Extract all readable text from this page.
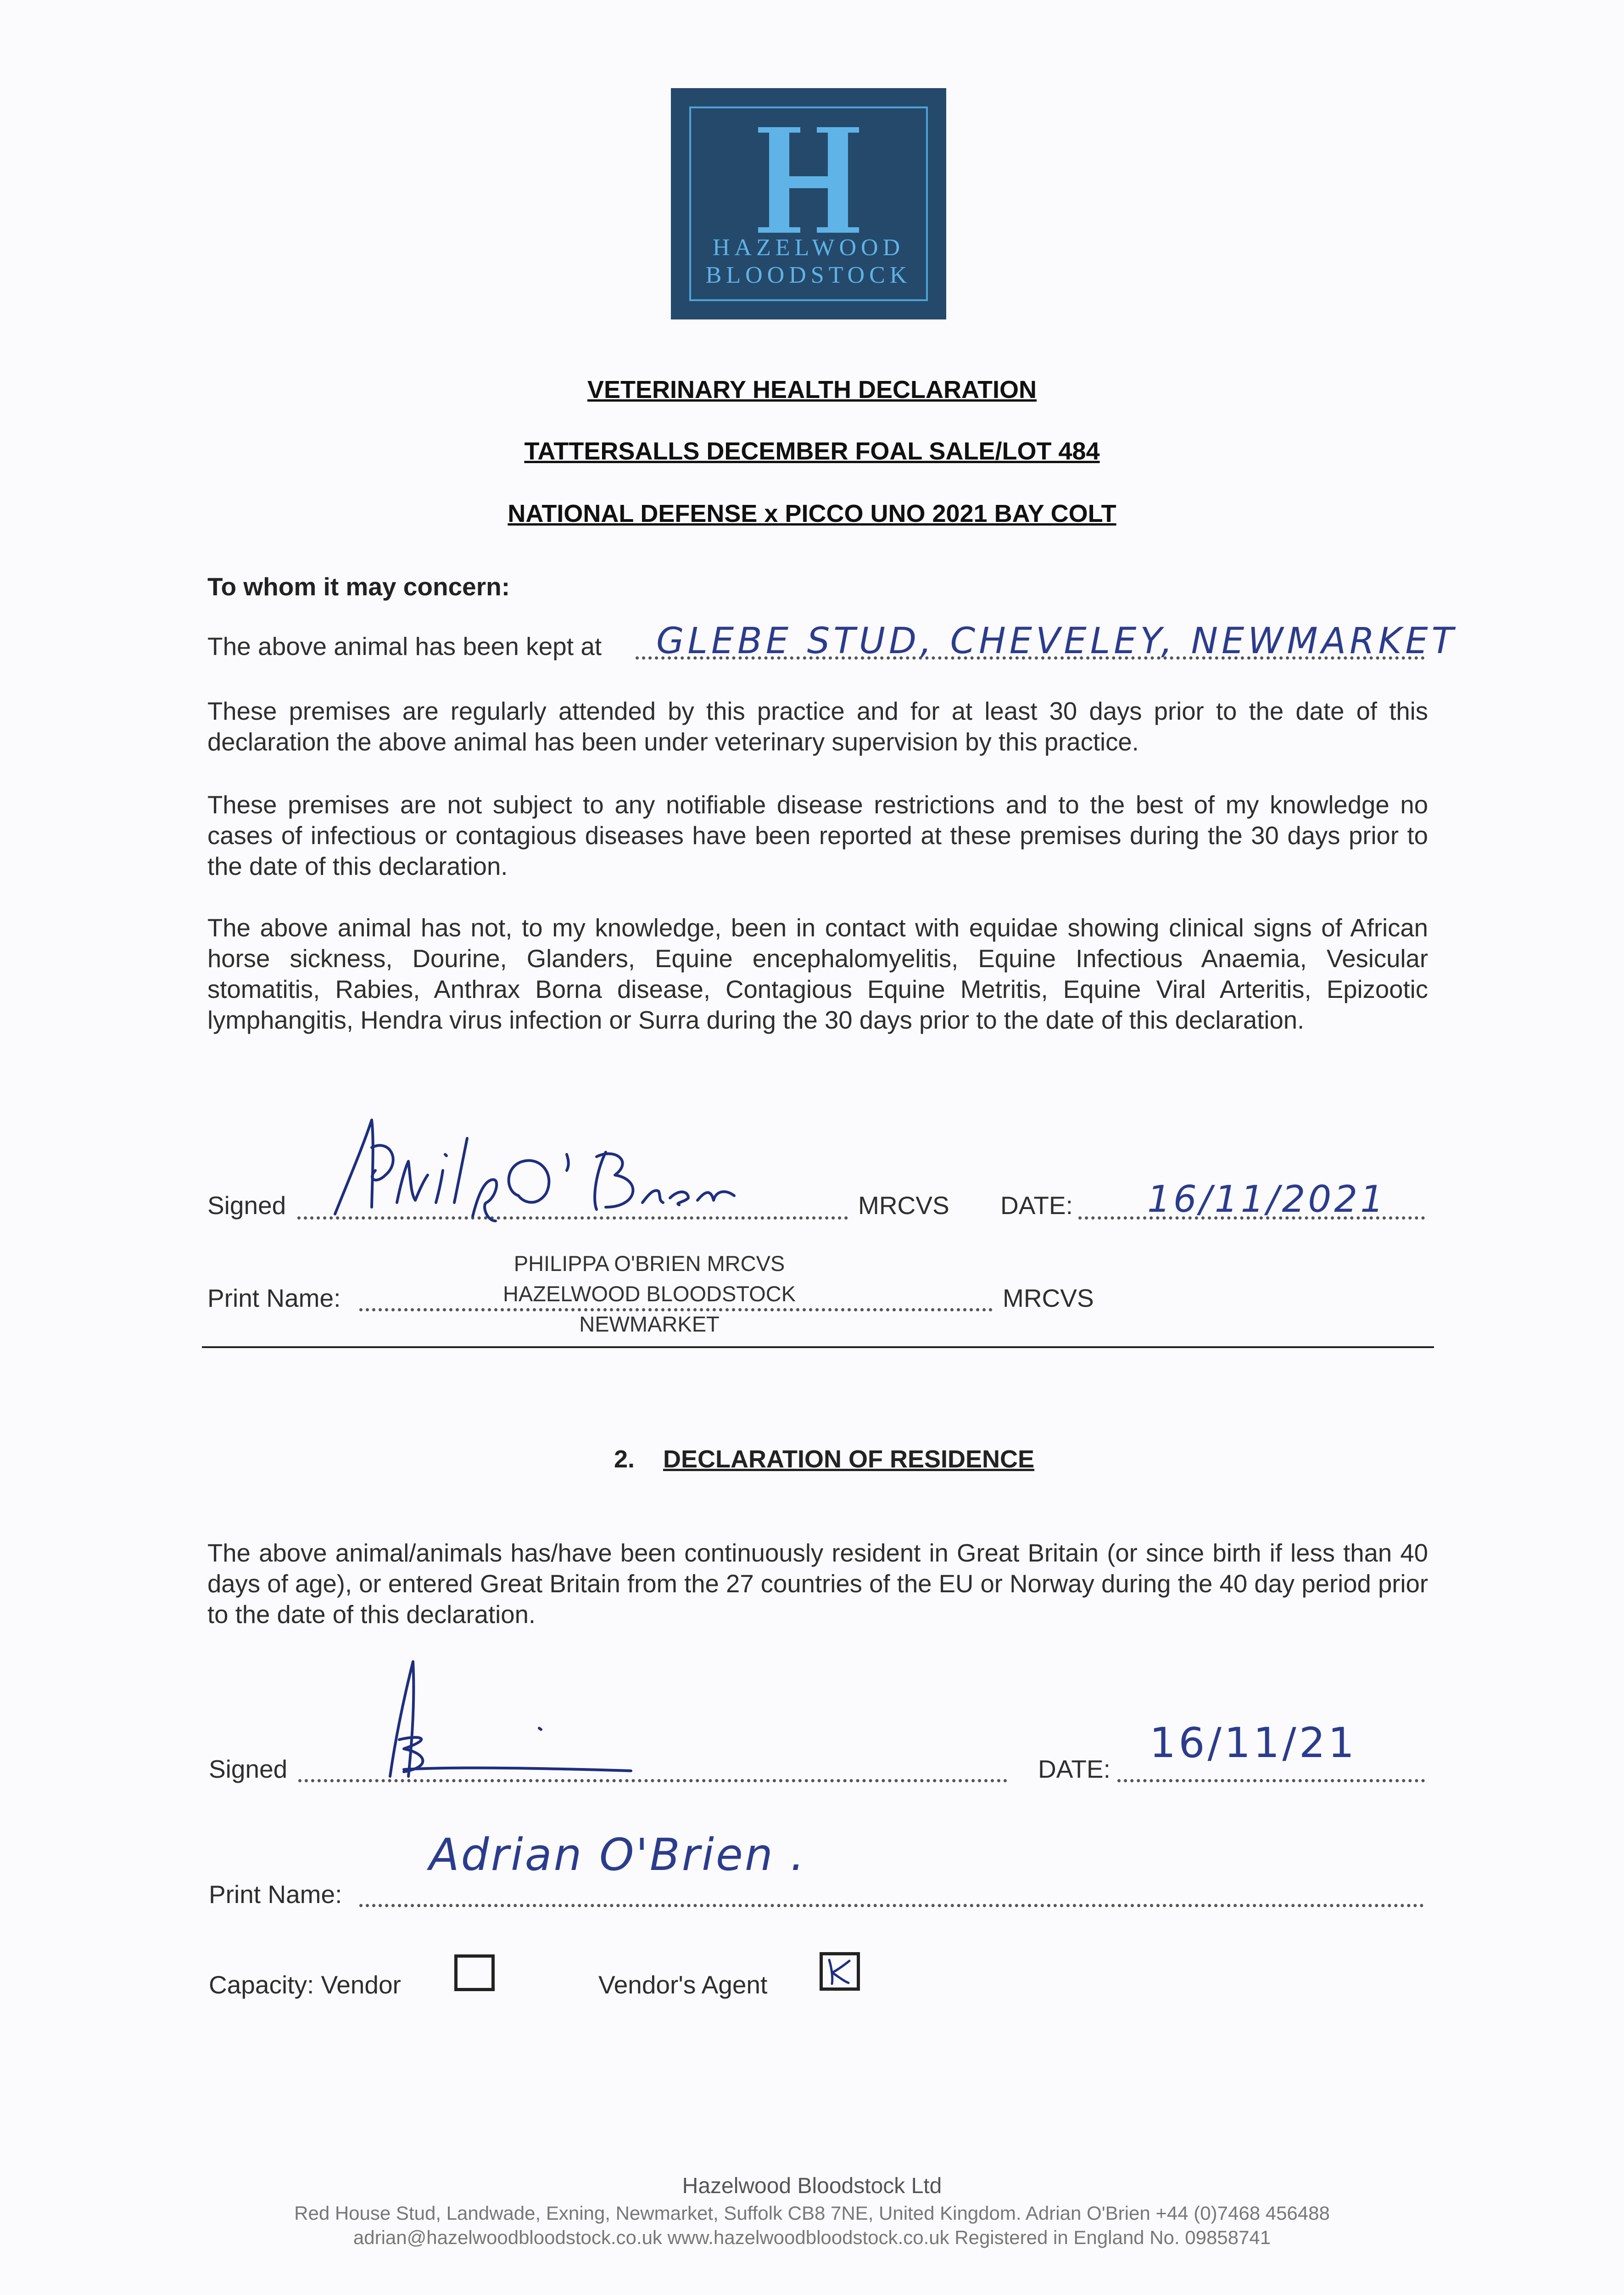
HAZELWOOD
BLOODSTOCK
VETERINARY HEALTH DECLARATION
TATTERSALLS DECEMBER FOAL SALE/LOT 484
NATIONAL DEFENSE x PICCO UNO 2021 BAY COLT
To whom it may concern:
The above animal has been kept at GLEBE STUD, CHEVELEY, NEWMARKET
These premises are regularly attended by this practice and for at least 30 days prior to the date of this declaration the above animal has been under veterinary supervision by this practice.
These premises are not subject to any notifiable disease restrictions and to the best of my knowledge no cases of infectious or contagious diseases have been reported at these premises during the 30 days prior to the date of this declaration.
The above animal has not, to my knowledge, been in contact with equidae showing clinical signs of African horse sickness, Dourine, Glanders, Equine encephalomyelitis, Equine Infectious Anaemia, Vesicular stomatitis, Rabies, Anthrax Borna disease, Contagious Equine Metritis, Equine Viral Arteritis, Epizootic lymphangitis, Hendra virus infection or Surra during the 30 days prior to the date of this declaration.
Signed	MRCVS DATE: 16/11/2021
Print Name:
PHILIPPA O'BRIEN MRCVS
HAZELWOOD BLOODSTOCK
NEWMARKET
MRCVS
2. DECLARATION OF RESIDENCE
The above animal/animals has/have been continuously resident in Great Britain (or since birth if less than 40 days of age), or entered Great Britain from the 27 countries of the EU or Norway during the 40 day period prior to the date of this declaration.
Signed	DATE:
16/11/21
Print Name:
Adrian O'Brien .
Capacity: Vendor	Vendor's Agent
Hazelwood Bloodstock Ltd
Red House Stud, Landwade, Exning, Newmarket, Suffolk CB8 7NE, United Kingdom. Adrian O'Brien +44 (0)7468 456488
adrian@hazelwoodbloodstock.co.uk www.hazelwoodbloodstock.co.uk Registered in England No. 09858741
